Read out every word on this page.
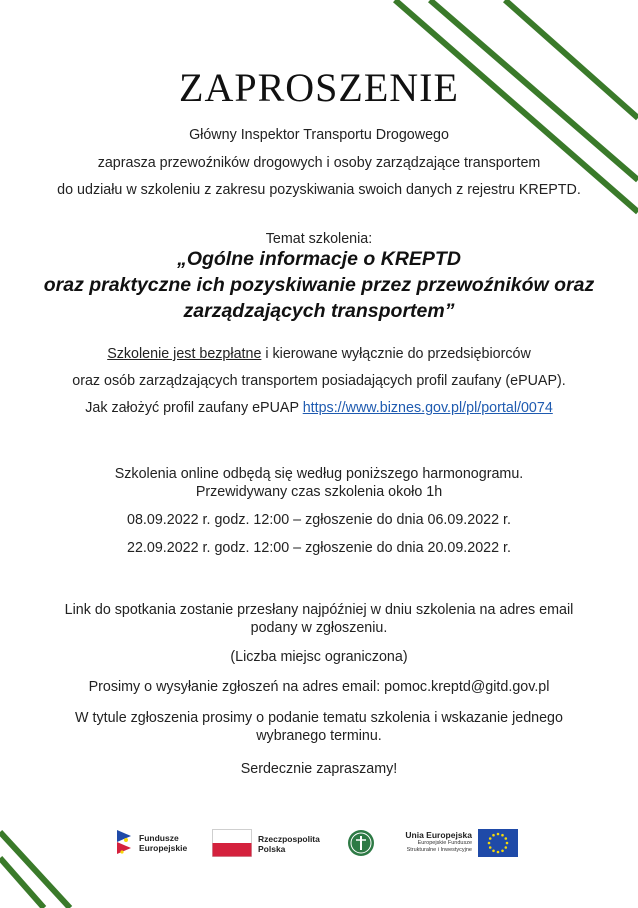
ZAPROSZENIE
Główny Inspektor Transportu Drogowego
zaprasza przewoźników drogowych i osoby zarządzające transportem
do udziału w szkoleniu z zakresu pozyskiwania swoich danych z rejestru KREPTD.
Temat szkolenia:
„Ogólne informacje o KREPTD
oraz praktyczne ich pozyskiwanie przez przewoźników oraz
zarządzających transportem”
Szkolenie jest bezpłatne i kierowane wyłącznie do przedsiębiorców
oraz osób zarządzających transportem posiadających profil zaufany (ePUAP).
Jak założyć profil zaufany ePUAP https://www.biznes.gov.pl/pl/portal/0074
Szkolenia online odbędą się według poniższego harmonogramu.
Przewidywany czas szkolenia około 1h
08.09.2022 r. godz. 12:00 – zgłoszenie do dnia 06.09.2022 r.
22.09.2022 r. godz. 12:00 – zgłoszenie do dnia 20.09.2022 r.
Link do spotkania zostanie przesłany najpóźniej w dniu szkolenia na adres email
podany w zgłoszeniu.
(Liczba miejsc ograniczona)
Prosimy o wysyłanie zgłoszeń na adres email: pomoc.kreptd@gitd.gov.pl
W tytule zgłoszenia prosimy o podanie tematu szkolenia i wskazanie jednego
wybranego terminu.
Serdecznie zapraszamy!
Fundusze
Europejskie
Rzeczpospolita
Polska
Unia Europejska
Europejskie Fundusze
Strukturalne i Inwestycyjne
